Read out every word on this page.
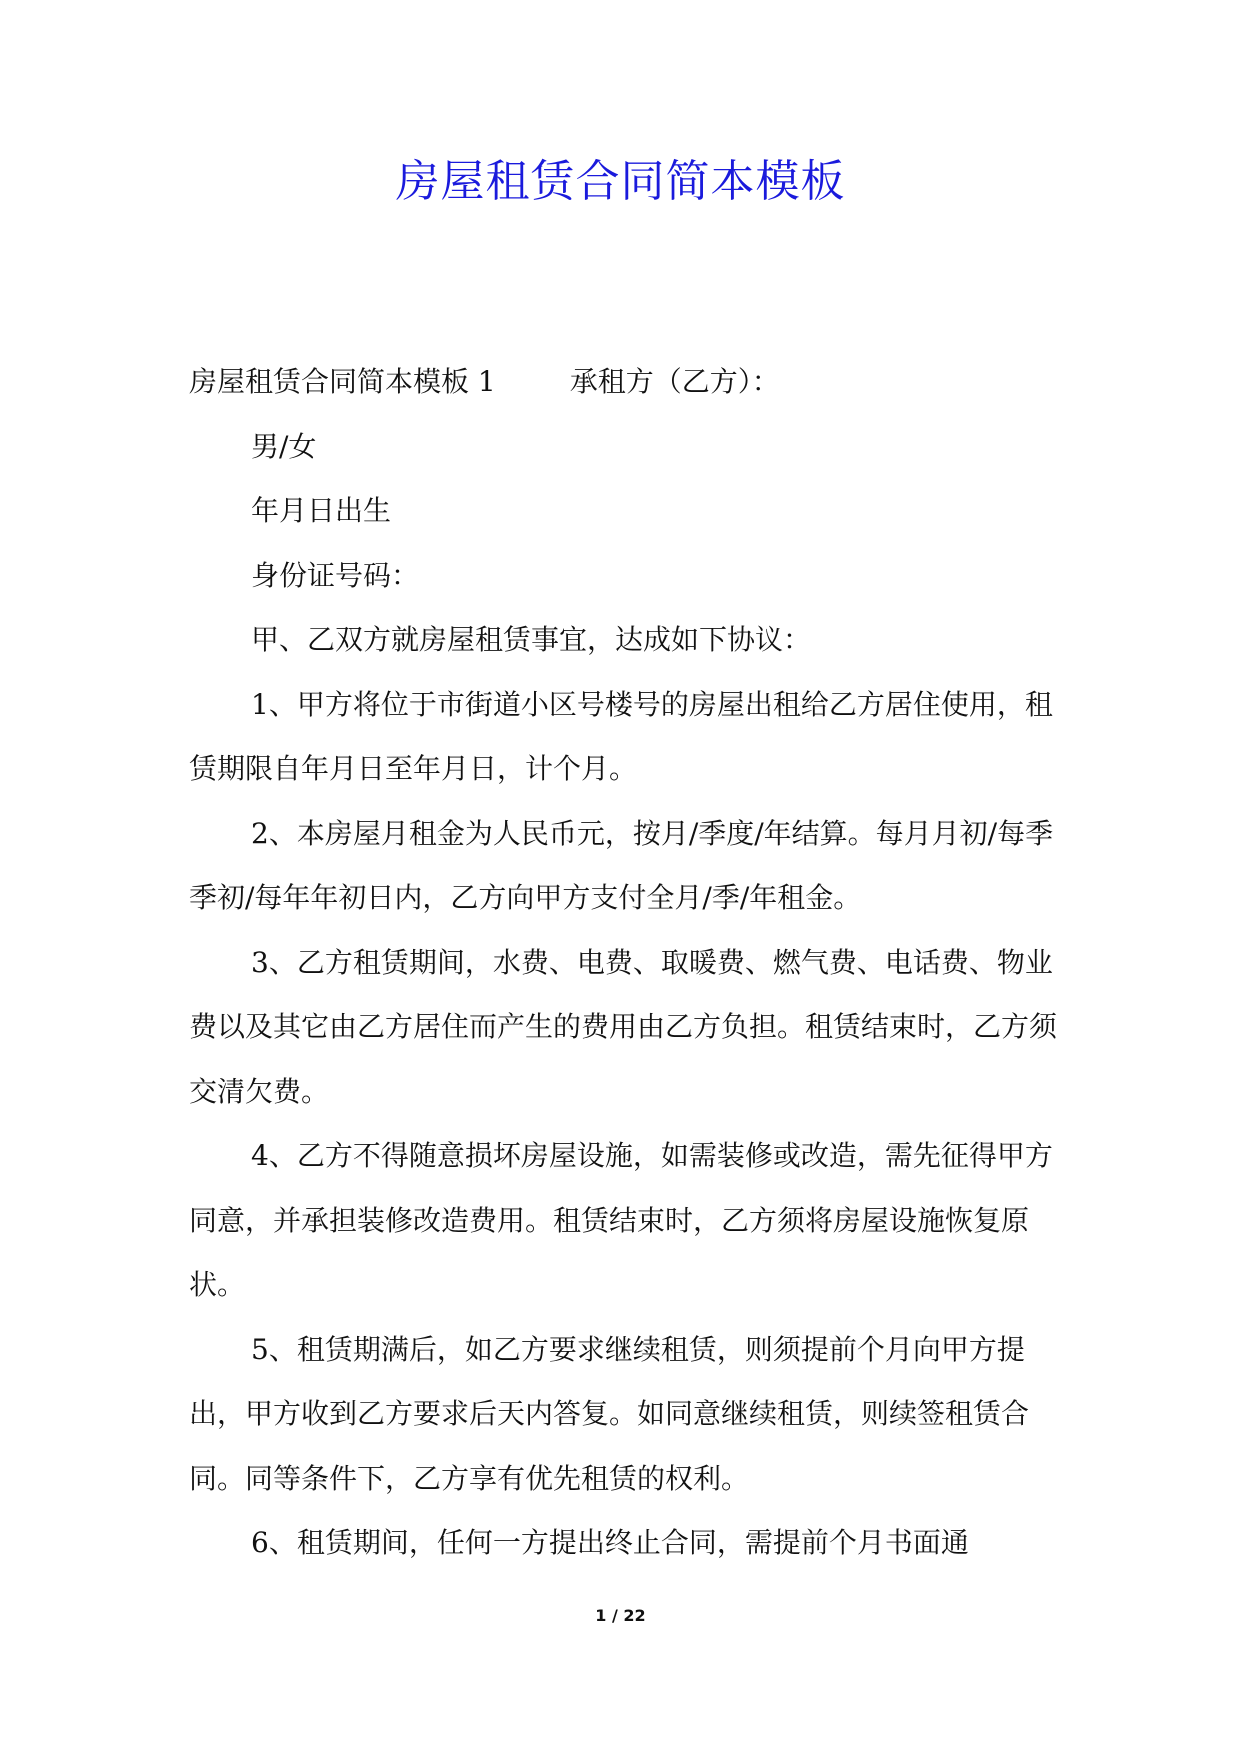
房屋租赁合同简本模板

房屋租赁合同简本模板 1	承租方（乙方）：

男/女

年月日出生

身份证号码：

甲、乙双方就房屋租赁事宜，达成如下协议：

1、甲方将位于市街道小区号楼号的房屋出租给乙方居住使用，租赁期限自年月日至年月日，计个月。

2、本房屋月租金为人民币元，按月/季度/年结算。每月月初/每季季初/每年年初日内，乙方向甲方支付全月/季/年租金。

3、乙方租赁期间，水费、电费、取暖费、燃气费、电话费、物业费以及其它由乙方居住而产生的费用由乙方负担。租赁结束时，乙方须交清欠费。

4、乙方不得随意损坏房屋设施，如需装修或改造，需先征得甲方同意，并承担装修改造费用。租赁结束时，乙方须将房屋设施恢复原状。

5、租赁期满后，如乙方要求继续租赁，则须提前个月向甲方提出，甲方收到乙方要求后天内答复。如同意继续租赁，则续签租赁合同。同等条件下，乙方享有优先租赁的权利。

6、租赁期间，任何一方提出终止合同，需提前个月书面通

1 / 22
